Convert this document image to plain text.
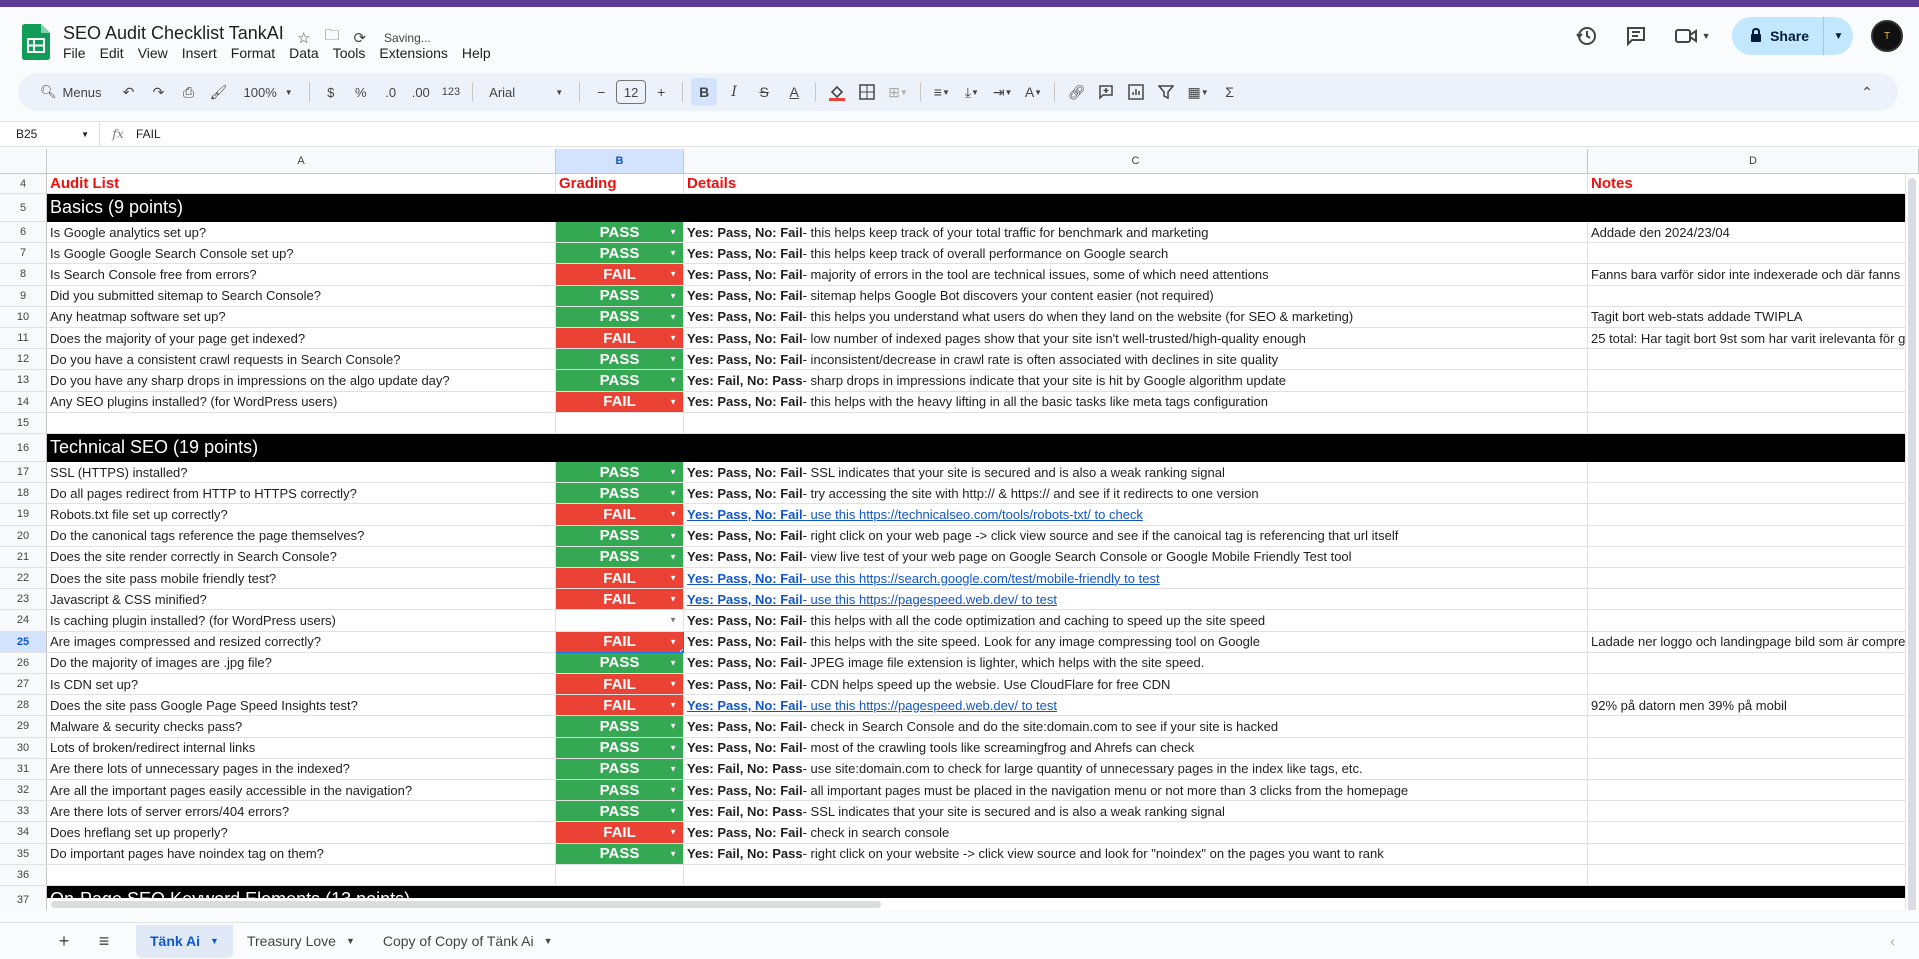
SEO Audit Checklist TankAI ☆ 🗀 ⟳ Saving...
File	Edit	View	Insert	Format	Data	Tools	Extensions	Help
▼	Share	▼	T
🔍︎ Menus	↶	↷	⎙	🖌︎	100% ▼	$	%	.0	.00	123	Arial	▼	−	12	+	B	I	S	A	⊞ ▼	≡ ▼	⤓ ▼ ⇥ ▼ A ▼ 🔗︎	▦ ▼	Σ	⌃
B25	▼	fx	FAIL
A	B	C	D
4	Audit List	Grading	Details	Notes
5	Basics (9 points)
6	Is Google analytics set up?	PASS	▼ Yes: Pass, No: Fail - this helps keep track of your total traffic for benchmark and marketing	Addade den 2024/23/04
7	Is Google Google Search Console set up?	PASS	▼ Yes: Pass, No: Fail - this helps keep track of overall performance on Google search
8	Is Search Console free from errors?	FAIL	▼ Yes: Pass, No: Fail - majority of errors in the tool are technical issues, some of which need attentions	Fanns bara varför sidor inte indexerade och där fanns
9	Did you submitted sitemap to Search Console?	PASS	▼ Yes: Pass, No: Fail - sitemap helps Google Bot discovers your content easier (not required)
10	Any heatmap software set up?	PASS	▼ Yes: Pass, No: Fail - this helps you understand what users do when they land on the website (for SEO & marketing)	Tagit bort web-stats addade TWIPLA
11	Does the majority of your page get indexed?	FAIL	▼ Yes: Pass, No: Fail - low number of indexed pages show that your site isn't well-trusted/high-quality enough	25 total: Har tagit bort 9st som har varit irelevanta för g
12	Do you have a consistent crawl requests in Search Console?	PASS	▼ Yes: Pass, No: Fail - inconsistent/decrease in crawl rate is often associated with declines in site quality
13	Do you have any sharp drops in impressions on the algo update day?	PASS	▼ Yes: Fail, No: Pass - sharp drops in impressions indicate that your site is hit by Google algorithm update
14	Any SEO plugins installed? (for WordPress users)	FAIL	▼ Yes: Pass, No: Fail - this helps with the heavy lifting in all the basic tasks like meta tags configuration
15
16	Technical SEO (19 points)
17	SSL (HTTPS) installed?	PASS	▼ Yes: Pass, No: Fail - SSL indicates that your site is secured and is also a weak ranking signal
18	Do all pages redirect from HTTP to HTTPS correctly?	PASS	▼ Yes: Pass, No: Fail - try accessing the site with http:// & https:// and see if it redirects to one version
19	Robots.txt file set up correctly?	FAIL	▼ Yes: Pass, No: Fail - use this https://technicalseo.com/tools/robots-txt/ to check
20	Do the canonical tags reference the page themselves?	PASS	▼ Yes: Pass, No: Fail - right click on your web page -> click view source and see if the canoical tag is referencing that url itself
21	Does the site render correctly in Search Console?	PASS	▼ Yes: Pass, No: Fail - view live test of your web page on Google Search Console or Google Mobile Friendly Test tool
22	Does the site pass mobile friendly test?	FAIL	▼ Yes: Pass, No: Fail - use this https://search.google.com/test/mobile-friendly to test
23	Javascript & CSS minified?	FAIL	▼ Yes: Pass, No: Fail - use this https://pagespeed.web.dev/ to test
24	Is caching plugin installed? (for WordPress users)	▼ Yes: Pass, No: Fail - this helps with all the code optimization and caching to speed up the site speed
25	Are images compressed and resized correctly?	FAIL	▼ Yes: Pass, No: Fail - this helps with the site speed. Look for any image compressing tool on Google	Ladade ner loggo och landingpage bild som är compre
26	Do the majority of images are .jpg file?	PASS	▼ Yes: Pass, No: Fail - JPEG image file extension is lighter, which helps with the site speed.
27	Is CDN set up?	FAIL	▼ Yes: Pass, No: Fail - CDN helps speed up the websie. Use CloudFlare for free CDN
28	Does the site pass Google Page Speed Insights test?	FAIL	▼ Yes: Pass, No: Fail - use this https://pagespeed.web.dev/ to test	92% på datorn men 39% på mobil
29	Malware & security checks pass?	PASS	▼ Yes: Pass, No: Fail - check in Search Console and do the site:domain.com to see if your site is hacked
30	Lots of broken/redirect internal links	PASS	▼ Yes: Pass, No: Fail - most of the crawling tools like screamingfrog and Ahrefs can check
31	Are there lots of unnecessary pages in the indexed?	PASS	▼ Yes: Fail, No: Pass - use site:domain.com to check for large quantity of unnecessary pages in the index like tags, etc.
32	Are all the important pages easily accessible in the navigation?	PASS	▼ Yes: Pass, No: Fail - all important pages must be placed in the navigation menu or not more than 3 clicks from the homepage
33	Are there lots of server errors/404 errors?	PASS	▼ Yes: Fail, No: Pass - SSL indicates that your site is secured and is also a weak ranking signal
34	Does hreflang set up properly?	FAIL	▼ Yes: Pass, No: Fail - check in search console
35	Do important pages have noindex tag on them?	PASS	▼ Yes: Fail, No: Pass - right click on your website -> click view source and look for "noindex" on the pages you want to rank
36
37
+	≡	Tänk Ai ▼ Treasury Love ▼ Copy of Copy of Tänk Ai ▼	‹
